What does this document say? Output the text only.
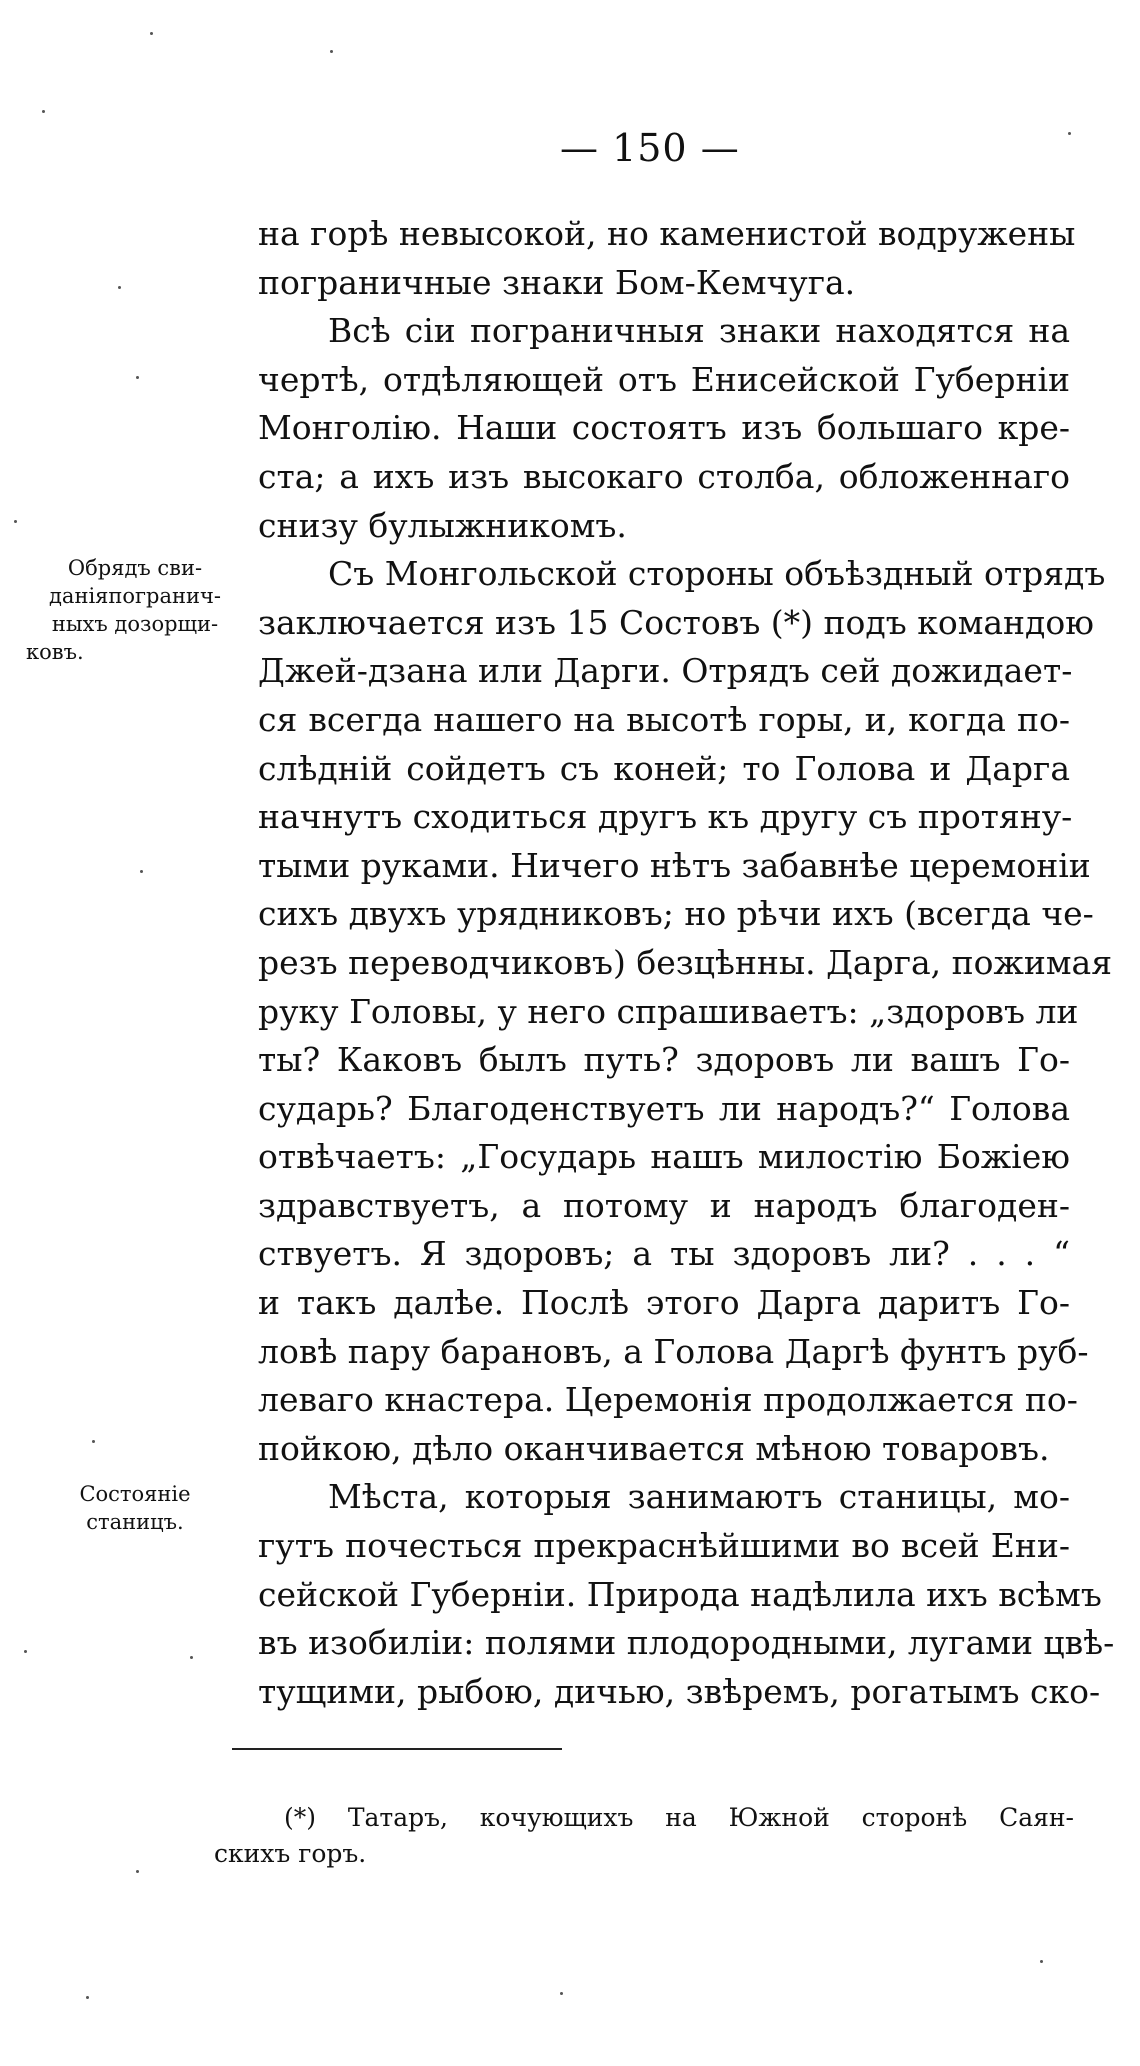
— 150 —
на горѣ невысокой, но каменистой водружены
пограничные знаки Бом-Кемчуга.
Всѣ сіи пограничныя знаки находятся на
чертѣ, отдѣляющей отъ Енисейской Губерніи
Монголію. Наши состоятъ изъ большаго кре-
ста; а ихъ изъ высокаго столба, обложеннаго
снизу булыжникомъ.
Съ Монгольской стороны объѣздный отрядъ
заключается изъ 15 Состовъ (*) подъ командою
Джей-дзана или Дарги. Отрядъ сей дожидает-
ся всегда нашего на высотѣ горы, и, когда по-
слѣдній сойдетъ съ коней; то Голова и Дарга
начнутъ сходиться другъ къ другу съ протяну-
тыми руками. Ничего нѣтъ забавнѣе церемоніи
сихъ двухъ урядниковъ; но рѣчи ихъ (всегда че-
резъ переводчиковъ) безцѣнны. Дарга, пожимая
руку Головы, у него спрашиваетъ: „здоровъ ли
ты? Каковъ былъ путь? здоровъ ли вашъ Го-
сударь? Благоденствуетъ ли народъ?“ Голова
отвѣчаетъ: „Государь нашъ милостію Божіею
здравствуетъ, а потому и народъ благоден-
ствуетъ. Я здоровъ; а ты здоровъ ли? . . . “
и такъ далѣе. Послѣ этого Дарга даритъ Го-
ловѣ пару барановъ, а Голова Даргѣ фунтъ руб-
леваго кнастера. Церемонія продолжается по-
пойкою, дѣло оканчивается мѣною товаровъ.
Мѣста, которыя занимаютъ станицы, мо-
гутъ почестьcя прекраснѣйшими во всей Ени-
сейской Губерніи. Природа надѣлила ихъ всѣмъ
въ изобиліи: полями плодородными, лугами цвѣ-
тущими, рыбою, дичью, звѣремъ, рогатымъ ско-
Обрядъ сви-
даніяпогранич-
ныхъ дозорщи-
ковъ.
Состояніе
станицъ.
(*) Татаръ, кочующихъ на Южной сторонѣ Саян-
скихъ горъ.
